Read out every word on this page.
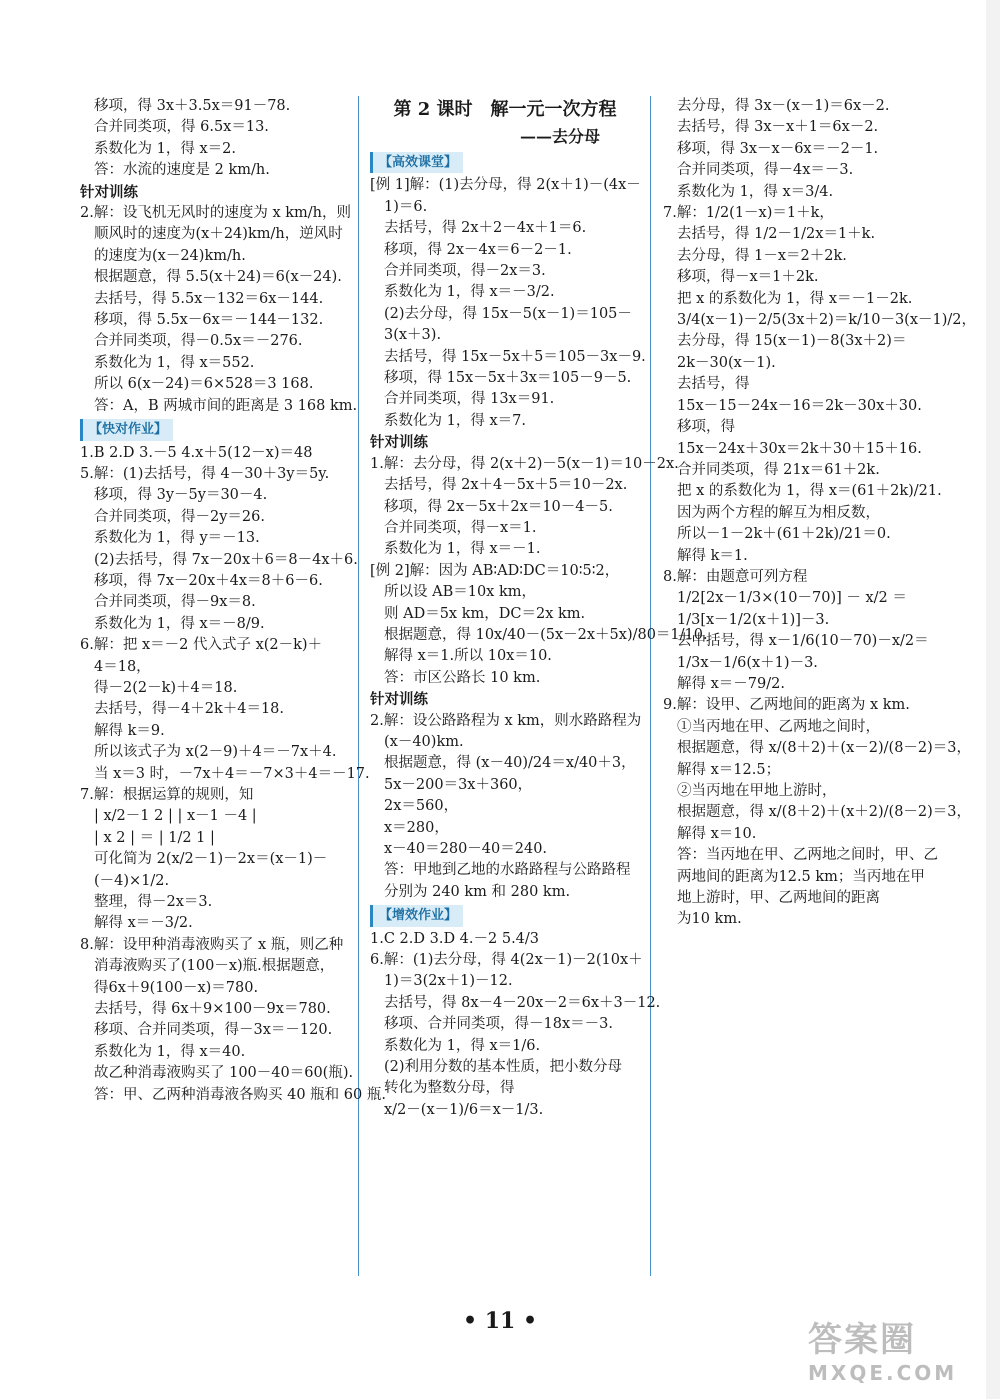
移项，得 3x＋3.5x＝91－78.
合并同类项，得 6.5x＝13.
系数化为 1，得 x＝2.
答：水流的速度是 2 km/h.
针对训练
2.解：设飞机无风时的速度为 x km/h，则
顺风时的速度为(x＋24)km/h，逆风时
的速度为(x－24)km/h.
根据题意，得 5.5(x＋24)＝6(x－24).
去括号，得 5.5x－132＝6x－144.
移项，得 5.5x－6x＝－144－132.
合并同类项，得－0.5x＝－276.
系数化为 1，得 x＝552.
所以 6(x－24)＝6×528＝3 168.
答：A，B 两城市间的距离是 3 168 km.
【快对作业】
1.B 2.D 3.－5 4.x＋5(12－x)＝48
5.解：(1)去括号，得 4－30＋3y＝5y.
移项，得 3y－5y＝30－4.
合并同类项，得－2y＝26.
系数化为 1，得 y＝－13.
(2)去括号，得 7x－20x＋6＝8－4x＋6.
移项，得 7x－20x＋4x＝8＋6－6.
合并同类项，得－9x＝8.
系数化为 1，得 x＝－8/9.
6.解：把 x＝－2 代入式子 x(2－k)＋
4＝18，
得－2(2－k)＋4＝18.
去括号，得－4＋2k＋4＝18.
解得 k＝9.
所以该式子为 x(2－9)＋4＝－7x＋4.
当 x＝3 时，－7x＋4＝－7×3＋4＝－17.
7.解：根据运算的规则，知
| x/2－1 2 | | x－1 －4 |
| x 2 | ＝ | 1/2 1 |
可化简为 2(x/2－1)－2x＝(x－1)－
(－4)×1/2.
整理，得－2x＝3.
解得 x＝－3/2.
8.解：设甲种消毒液购买了 x 瓶，则乙种
消毒液购买了(100－x)瓶.根据题意，
得6x＋9(100－x)＝780.
去括号，得 6x＋9×100－9x＝780.
移项、合并同类项，得－3x＝－120.
系数化为 1，得 x＝40.
故乙种消毒液购买了 100－40＝60(瓶).
答：甲、乙两种消毒液各购买 40 瓶和 60 瓶.
第 2 课时　解一元一次方程
——去分母
【高效课堂】
[例 1]解：(1)去分母，得 2(x＋1)－(4x－
1)＝6.
去括号，得 2x＋2－4x＋1＝6.
移项，得 2x－4x＝6－2－1.
合并同类项，得－2x＝3.
系数化为 1，得 x＝－3/2.
(2)去分母，得 15x－5(x－1)＝105－
3(x＋3).
去括号，得 15x－5x＋5＝105－3x－9.
移项，得 15x－5x＋3x＝105－9－5.
合并同类项，得 13x＝91.
系数化为 1，得 x＝7.
针对训练
1.解：去分母，得 2(x＋2)－5(x－1)＝10－2x.
去括号，得 2x＋4－5x＋5＝10－2x.
移项，得 2x－5x＋2x＝10－4－5.
合并同类项，得－x＝1.
系数化为 1，得 x＝－1.
[例 2]解：因为 AB∶AD∶DC＝10∶5∶2，
所以设 AB＝10x km，
则 AD＝5x km，DC＝2x km.
根据题意，得 10x/40－(5x－2x＋5x)/80＝1/10.
解得 x＝1.所以 10x＝10.
答：市区公路长 10 km.
针对训练
2.解：设公路路程为 x km，则水路路程为
(x－40)km.
根据题意，得 (x－40)/24＝x/40＋3，
5x－200＝3x＋360，
2x＝560，
x＝280，
x－40＝280－40＝240.
答：甲地到乙地的水路路程与公路路程
分别为 240 km 和 280 km.
【增效作业】
1.C 2.D 3.D 4.－2 5.4/3
6.解：(1)去分母，得 4(2x－1)－2(10x＋
1)＝3(2x＋1)－12.
去括号，得 8x－4－20x－2＝6x＋3－12.
移项、合并同类项，得－18x＝－3.
系数化为 1，得 x＝1/6.
(2)利用分数的基本性质，把小数分母
转化为整数分母，得
x/2－(x－1)/6＝x－1/3.
去分母，得 3x－(x－1)＝6x－2.
去括号，得 3x－x＋1＝6x－2.
移项，得 3x－x－6x＝－2－1.
合并同类项，得－4x＝－3.
系数化为 1，得 x＝3/4.
7.解：1/2(1－x)＝1＋k，
去括号，得 1/2－1/2x＝1＋k.
去分母，得 1－x＝2＋2k.
移项，得－x＝1＋2k.
把 x 的系数化为 1，得 x＝－1－2k.
3/4(x－1)－2/5(3x＋2)＝k/10－3(x－1)/2，
去分母，得 15(x－1)－8(3x＋2)＝
2k－30(x－1).
去括号，得
15x－15－24x－16＝2k－30x＋30.
移项，得
15x－24x＋30x＝2k＋30＋15＋16.
合并同类项，得 21x＝61＋2k.
把 x 的系数化为 1，得 x＝(61＋2k)/21.
因为两个方程的解互为相反数，
所以－1－2k＋(61＋2k)/21＝0.
解得 k＝1.
8.解：由题意可列方程
1/2[2x－1/3×(10－70)] － x/2 ＝
1/3[x－1/2(x＋1)]－3.
去中括号，得 x－1/6(10－70)－x/2＝
1/3x－1/6(x＋1)－3.
解得 x＝－79/2.
9.解：设甲、乙两地间的距离为 x km.
①当丙地在甲、乙两地之间时，
根据题意，得 x/(8＋2)＋(x－2)/(8－2)＝3，
解得 x＝12.5；
②当丙地在甲地上游时，
根据题意，得 x/(8＋2)＋(x＋2)/(8－2)＝3，
解得 x＝10.
答：当丙地在甲、乙两地之间时，甲、乙
两地间的距离为12.5 km；当丙地在甲
地上游时，甲、乙两地间的距离
为10 km.
• 11 •	答案圈
MXQE.COM
